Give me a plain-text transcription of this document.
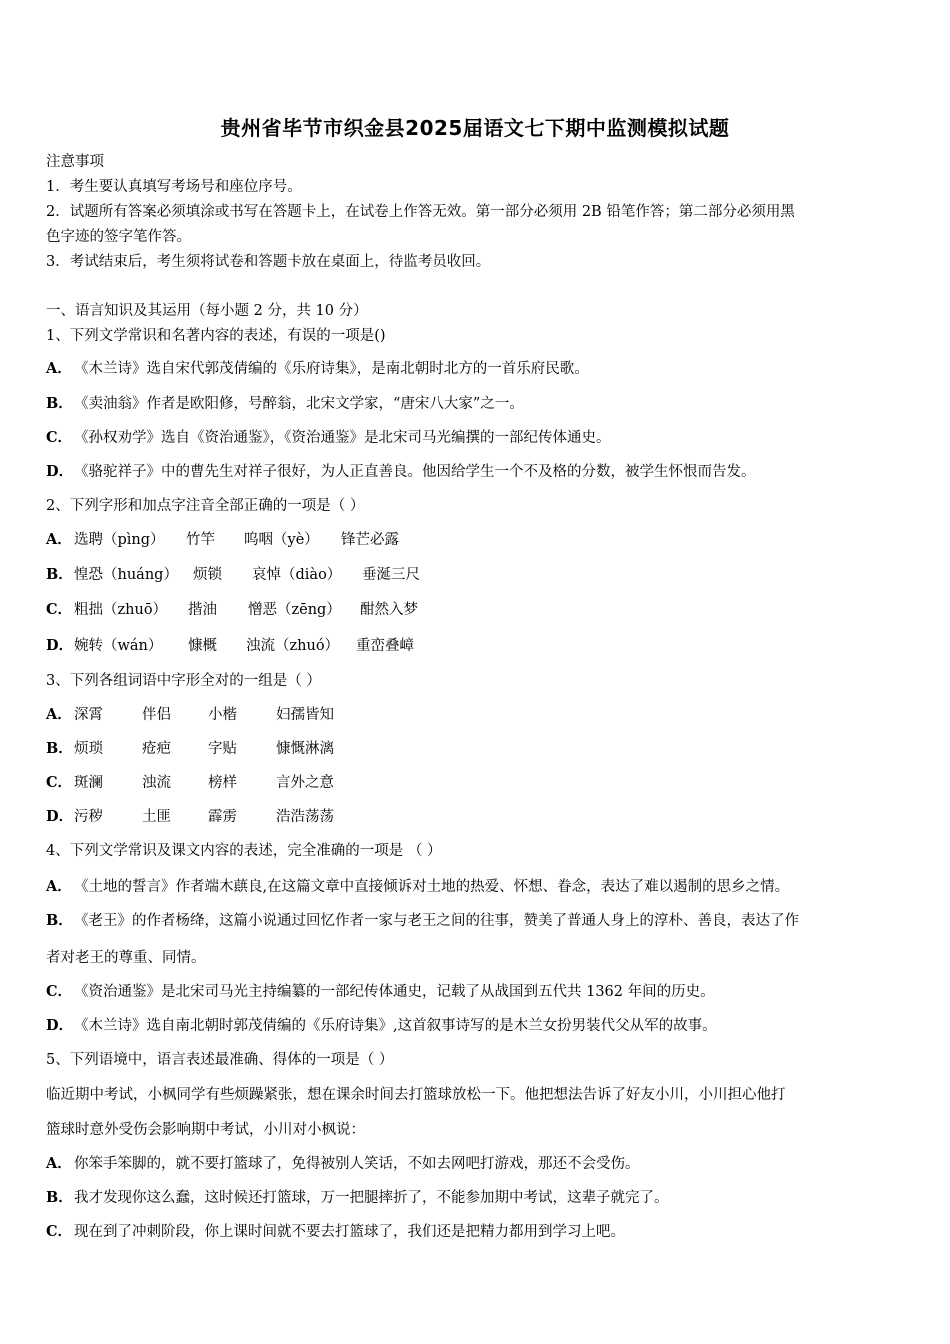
贵州省毕节市织金县2025届语文七下期中监测模拟试题
注意事项
1．考生要认真填写考场号和座位序号。
2．试题所有答案必须填涂或书写在答题卡上，在试卷上作答无效。第一部分必须用 2B 铅笔作答；第二部分必须用黑
色字迹的签字笔作答。
3．考试结束后，考生须将试卷和答题卡放在桌面上，待监考员收回。
一、语言知识及其运用（每小题 2 分，共 10 分）
1、下列文学常识和名著内容的表述，有误的一项是()
A． 《木兰诗》选自宋代郭茂倩编的《乐府诗集》，是南北朝时北方的一首乐府民歌。
B．《卖油翁》作者是欧阳修，号醉翁，北宋文学家，“唐宋八大家”之一。
C． 《孙权劝学》选自《资治通鉴》，《资治通鉴》是北宋司马光编撰的一部纪传体通史。
D．《骆驼祥子》中的曹先生对祥子很好，为人正直善良。他因给学生一个不及格的分数，被学生怀恨而告发。
2、下列字形和加点字注音全部正确的一项是（ ）
A． 选聘（pìng） 竹竿 呜咽（yè） 锋芒必露
B．惶恐（huáng） 烦锁 哀悼（diào） 垂涎三尺
C． 粗拙（zhuō） 揩油 憎恶（zēng） 酣然入梦
D．婉转（wán） 慷概 浊流（zhuó） 重峦叠嶂
3、下列各组词语中字形全对的一组是（ ）
A． 深霄	伴侣	小楷	妇孺皆知
B．烦琐	疮疤	字贴	慷慨淋漓
C． 斑澜	浊流	榜样	言外之意
D．污秽	土匪	霹雳	浩浩荡荡
4、下列文学常识及课文内容的表述，完全准确的一项是 （ ）
A． 《土地的誓言》作者端木蕻良,在这篇文章中直接倾诉对土地的热爱、怀想、眷念，表达了难以遏制的思乡之情。
B．《老王》的作者杨绛，这篇小说通过回忆作者一家与老王之间的往事，赞美了普通人身上的淳朴、善良，表达了作
者对老王的尊重、同情。
C． 《资治通鉴》是北宋司马光主持编纂的一部纪传体通史，记载了从战国到五代共 1362 年间的历史。
D．《木兰诗》选自南北朝时郭茂倩编的《乐府诗集》,这首叙事诗写的是木兰女扮男装代父从军的故事。
5、下列语境中，语言表述最准确、得体的一项是（ ）
临近期中考试，小枫同学有些烦躁紧张，想在课余时间去打篮球放松一下。他把想法告诉了好友小川，小川担心他打
篮球时意外受伤会影响期中考试，小川对小枫说：
A． 你笨手笨脚的，就不要打篮球了，免得被别人笑话，不如去网吧打游戏，那还不会受伤。
B．我才发现你这么蠢，这时候还打篮球，万一把腿摔折了，不能参加期中考试，这辈子就完了。
C． 现在到了冲刺阶段，你上课时间就不要去打篮球了，我们还是把精力都用到学习上吧。
